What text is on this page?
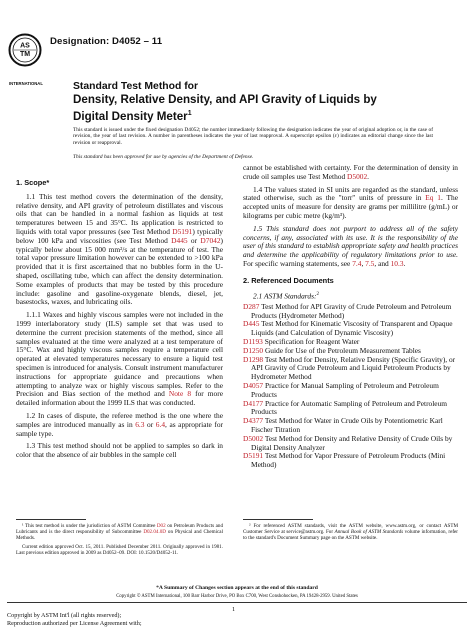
AS
TM
INTERNATIONAL
Designation: D4052 – 11
Standard Test Method for
Density, Relative Density, and API Gravity of Liquids by
Digital Density Meter$^1$
This standard is issued under the fixed designation D4052; the number immediately following the designation indicates the year of original adoption or, in the case of revision, the year of last revision. A number in parentheses indicates the year of last reapproval. A superscript epsilon (ε) indicates an editorial change since the last revision or reapproval.
This standard has been approved for use by agencies of the Department of Defense.

1. Scope*

1.1 This test method covers the determination of the density, relative density, and API gravity of petroleum distillates and viscous oils that can be handled in a normal fashion as liquids at test temperatures between 15 and 35°C. Its application is restricted to liquids with total vapor pressures (see Test Method D5191) typically below 100 kPa and viscosities (see Test Method D445 or D7042) typically below about 15 000 mm²/s at the temperature of test. The total vapor pressure limitation however can be extended to >100 kPa provided that it is first ascertained that no bubbles form in the U-shaped, oscillating tube, which can affect the density determination. Some examples of products that may be tested by this procedure include: gasoline and gasoline-oxygenate blends, diesel, jet, basestocks, waxes, and lubricating oils.

1.1.1 Waxes and highly viscous samples were not included in the 1999 interlaboratory study (ILS) sample set that was used to determine the current precision statements of the method, since all samples evaluated at the time were analyzed at a test temperature of 15°C. Wax and highly viscous samples require a temperature cell operated at elevated temperatures necessary to ensure a liquid test specimen is introduced for analysis. Consult instrument manufacturer instructions for appropriate guidance and precautions when attempting to analyze wax or highly viscous samples. Refer to the Precision and Bias section of the method and Note 8 for more detailed information about the 1999 ILS that was conducted.

1.2 In cases of dispute, the referee method is the one where the samples are introduced manually as in 6.3 or 6.4, as appropriate for sample type.

1.3 This test method should not be applied to samples so dark in color that the absence of air bubbles in the sample cell

cannot be established with certainty. For the determination of density in crude oil samples use Test Method D5002.

1.4 The values stated in SI units are regarded as the standard, unless stated otherwise, such as the "torr" units of pressure in Eq 1. The accepted units of measure for density are grams per millilitre (g/mL) or kilograms per cubic metre (kg/m³).

1.5 This standard does not purport to address all of the safety concerns, if any, associated with its use. It is the responsibility of the user of this standard to establish appropriate safety and health practices and determine the applicability of regulatory limitations prior to use. For specific warning statements, see 7.4, 7.5, and 10.3.

2. Referenced Documents

2.1 ASTM Standards:$^2$

D287 Test Method for API Gravity of Crude Petroleum and Petroleum Products (Hydrometer Method)

D445 Test Method for Kinematic Viscosity of Transparent and Opaque Liquids (and Calculation of Dynamic Viscosity)

D1193 Specification for Reagent Water

D1250 Guide for Use of the Petroleum Measurement Tables

D1298 Test Method for Density, Relative Density (Specific Gravity), or API Gravity of Crude Petroleum and Liquid Petroleum Products by Hydrometer Method

D4057 Practice for Manual Sampling of Petroleum and Petroleum Products

D4177 Practice for Automatic Sampling of Petroleum and Petroleum Products

D4377 Test Method for Water in Crude Oils by Potentiometric Karl Fischer Titration

D5002 Test Method for Density and Relative Density of Crude Oils by Digital Density Analyzer

D5191 Test Method for Vapor Pressure of Petroleum Products (Mini Method)

¹ This test method is under the jurisdiction of ASTM Committee D02 on Petroleum Products and Lubricants and is the direct responsibility of Subcommittee D02.04.0D on Physical and Chemical Methods.

Current edition approved Oct. 15, 2011. Published December 2011. Originally approved in 1981. Last previous edition approved in 2009 as D4052–09. DOI: 10.1520/D4052-11.

² For referenced ASTM standards, visit the ASTM website, www.astm.org, or contact ASTM Customer Service at service@astm.org. For Annual Book of ASTM Standards volume information, refer to the standard's Document Summary page on the ASTM website.

*A Summary of Changes section appears at the end of this standard
Copyright © ASTM International, 100 Barr Harbor Drive, PO Box C700, West Conshohocken, PA 19428-2959. United States
1
Copyright by ASTM Int'l (all rights reserved);
Reproduction authorized per License Agreement with;
